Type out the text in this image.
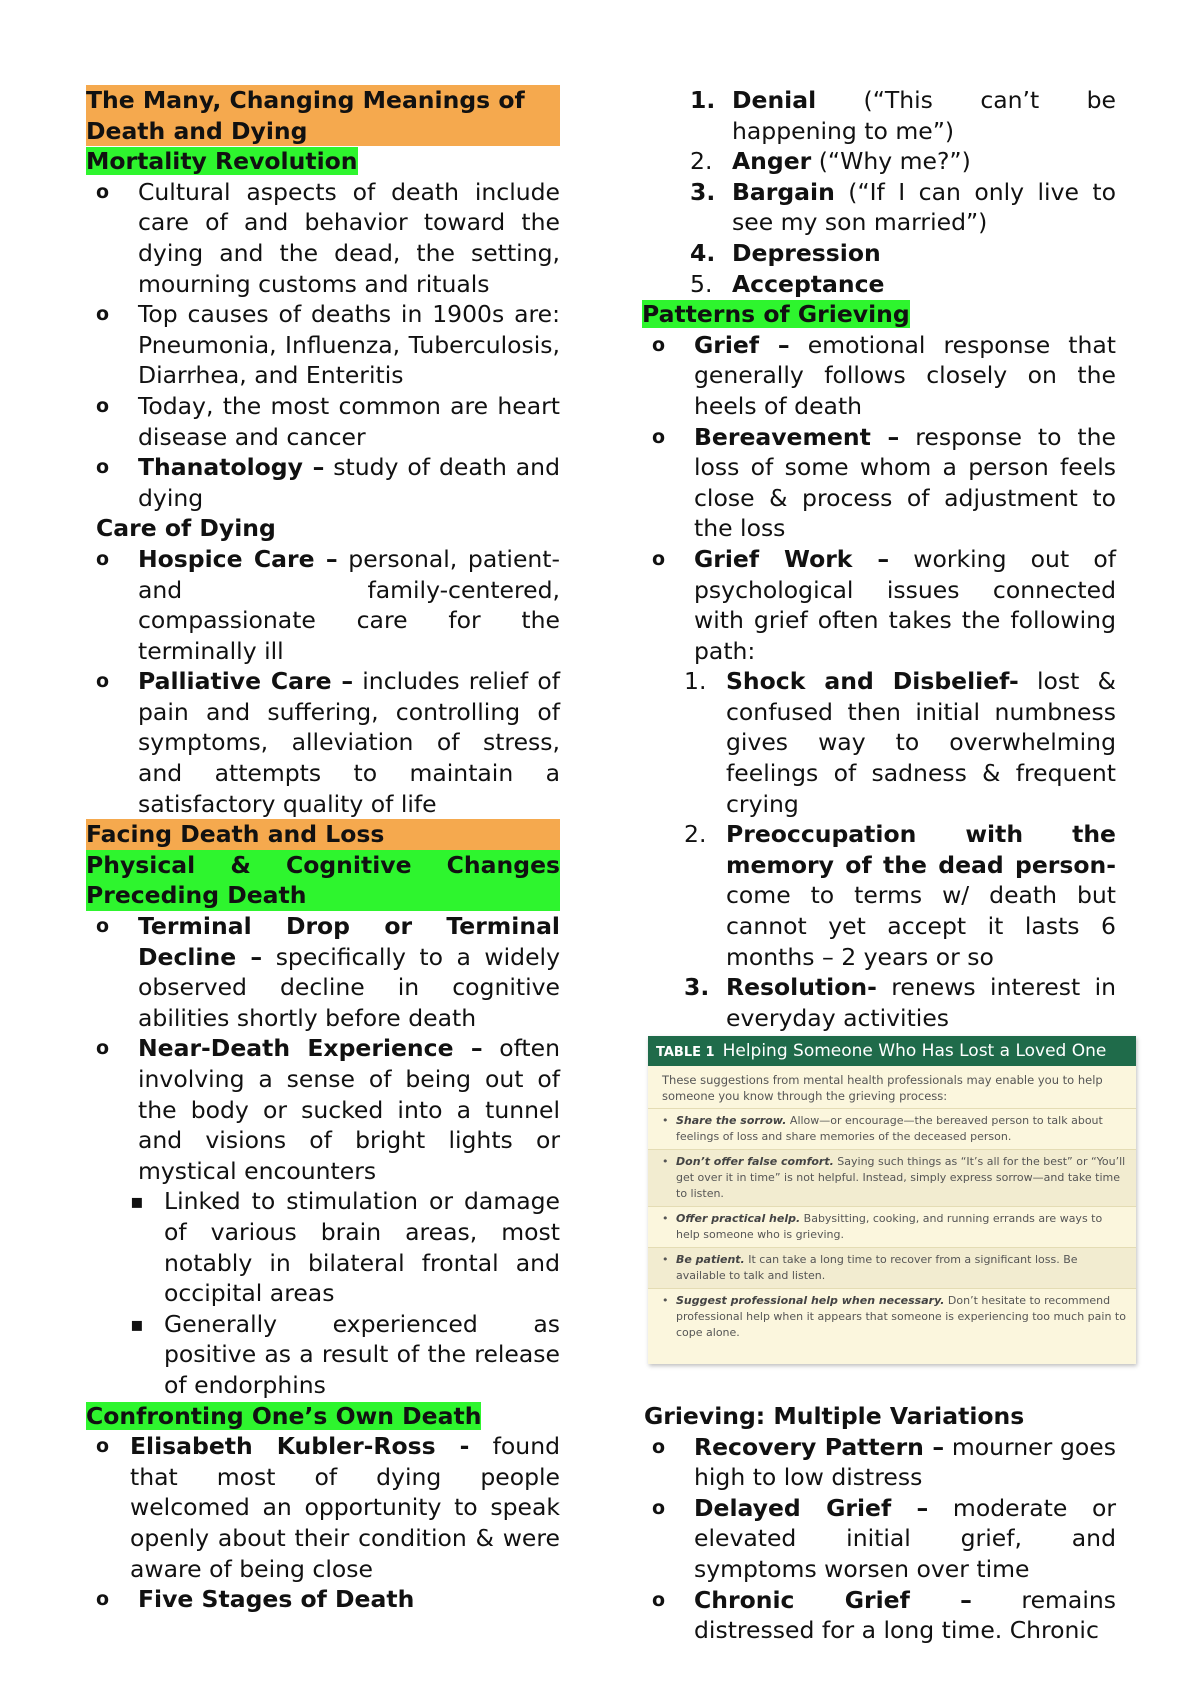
The Many, Changing Meanings of Death and Dying
Mortality Revolution
o Cultural aspects of death include care of and behavior toward the dying and the dead, the setting, mourning customs and rituals
o Top causes of deaths in 1900s are: Pneumonia, Influenza, Tuberculosis, Diarrhea, and Enteritis
o Today, the most common are heart disease and cancer
o Thanatology – study of death and dying
Care of Dying
o Hospice Care – personal, patient- and family-centered, compassionate care for the terminally ill
o Palliative Care – includes relief of pain and suffering, controlling of symptoms, alleviation of stress, and attempts to maintain a satisfactory quality of life
Facing Death and Loss
Physical & Cognitive Changes Preceding Death
o Terminal Drop or Terminal Decline – specifically to a widely observed decline in cognitive abilities shortly before death
o Near-Death Experience – often involving a sense of being out of the body or sucked into a tunnel and visions of bright lights or mystical encounters
▪ Linked to stimulation or damage of various brain areas, most notably in bilateral frontal and occipital areas
▪ Generally experienced as positive as a result of the release of endorphins
Confronting One’s Own Death
o Elisabeth Kubler-Ross - found that most of dying people welcomed an opportunity to speak openly about their condition & were aware of being close
o Five Stages of Death
1. Denial (“This can’t be happening to me”)
2. Anger (“Why me?”)
3. Bargain (“If I can only live to see my son married”)
4. Depression
5. Acceptance
Patterns of Grieving
o Grief – emotional response that generally follows closely on the heels of death
o Bereavement – response to the loss of some whom a person feels close & process of adjustment to the loss
o Grief Work – working out of psychological issues connected with grief often takes the following path:
1. Shock and Disbelief- lost & confused then initial numbness gives way to overwhelming feelings of sadness & frequent crying
2. Preoccupation with the memory of the dead person- come to terms w/ death but cannot yet accept it lasts 6 months – 2 years or so
3. Resolution- renews interest in everyday activities
TABLE 1 Helping Someone Who Has Lost a Loved One
These suggestions from mental health professionals may enable you to help someone you know through the grieving process:
• Share the sorrow. Allow—or encourage—the bereaved person to talk about feelings of loss and share memories of the deceased person.
• Don’t offer false comfort. Saying such things as “It’s all for the best” or “You’ll get over it in time” is not helpful. Instead, simply express sorrow—and take time to listen.
• Offer practical help. Babysitting, cooking, and running errands are ways to help someone who is grieving.
• Be patient. It can take a long time to recover from a significant loss. Be available to talk and listen.
• Suggest professional help when necessary. Don’t hesitate to recommend professional help when it appears that someone is experiencing too much pain to cope alone.
Grieving: Multiple Variations
o Recovery Pattern – mourner goes high to low distress
o Delayed Grief – moderate or elevated initial grief, and symptoms worsen over time
o Chronic Grief – remains distressed for a long time. Chronic
